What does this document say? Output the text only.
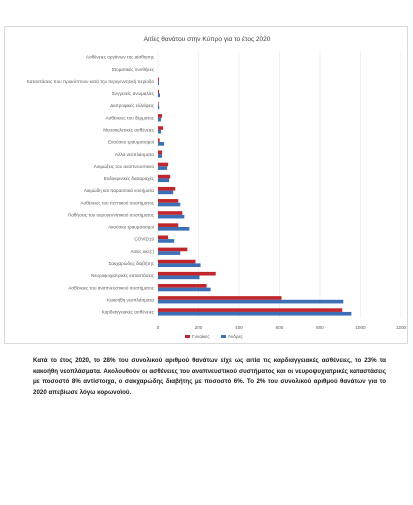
Αιτίες θανάτου στην Κύπρο για το έτος 2020
Καρδιαγγειακές ασθένειες
Κακοήθη νεοπλάσματα
Ασθένειες του αναπνευστικού συστήματος
Νευροψυχιατρικές καταστάσεις
Σακχαρώδης διαβήτης
Αιτίες ακτ(;)
COVID19
Ακούσιοι τραυματισμοί
Παθήσεις του ουρογεννητικού συστήματος
Ασθένειες του πεπτικού συστήματος
Λοιμώδη και παρασιτικά νοσήματα
Ενδοκρινικές διαταραχές
Λοιμώξεις του αναπνευστικού
Άλλα νεοπλάσματα
Εκούσιοι τραυματισμοί
Μυοσκελετικές ασθένειες
Ασθένειες του δέρματος
Διατροφικές ελλείψεις
Συγγενείς ανωμαλίες
Καταστάσεις που προκύπτουν κατά την περιγεννητική περίοδο
Στοματικές συνθήκες
Ασθένειες οργάνων της αίσθησης
0	200	400	600	800	1000	1200
Γυναίκες	Άνδρες
Κατά το έτος 2020, το 28% του συνολικού αριθμού θανάτων είχε ως αιτία τις καρδιαγγειακές ασθένειες, το 23% τα κακοήθη νεοπλάσματα. Ακολουθούν οι ασθένειες του αναπνευστικού συστήματος και οι νευροψυχιατρικές καταστάσεις με ποσοστό 8% αντίστοιχα, ο σακχαρώδης διαβήτης με ποσοστό 6%. Το 2% του συνολικού αριθμού θανάτων για το 2020 απεβίωσε λόγω κορωνοϊού.
